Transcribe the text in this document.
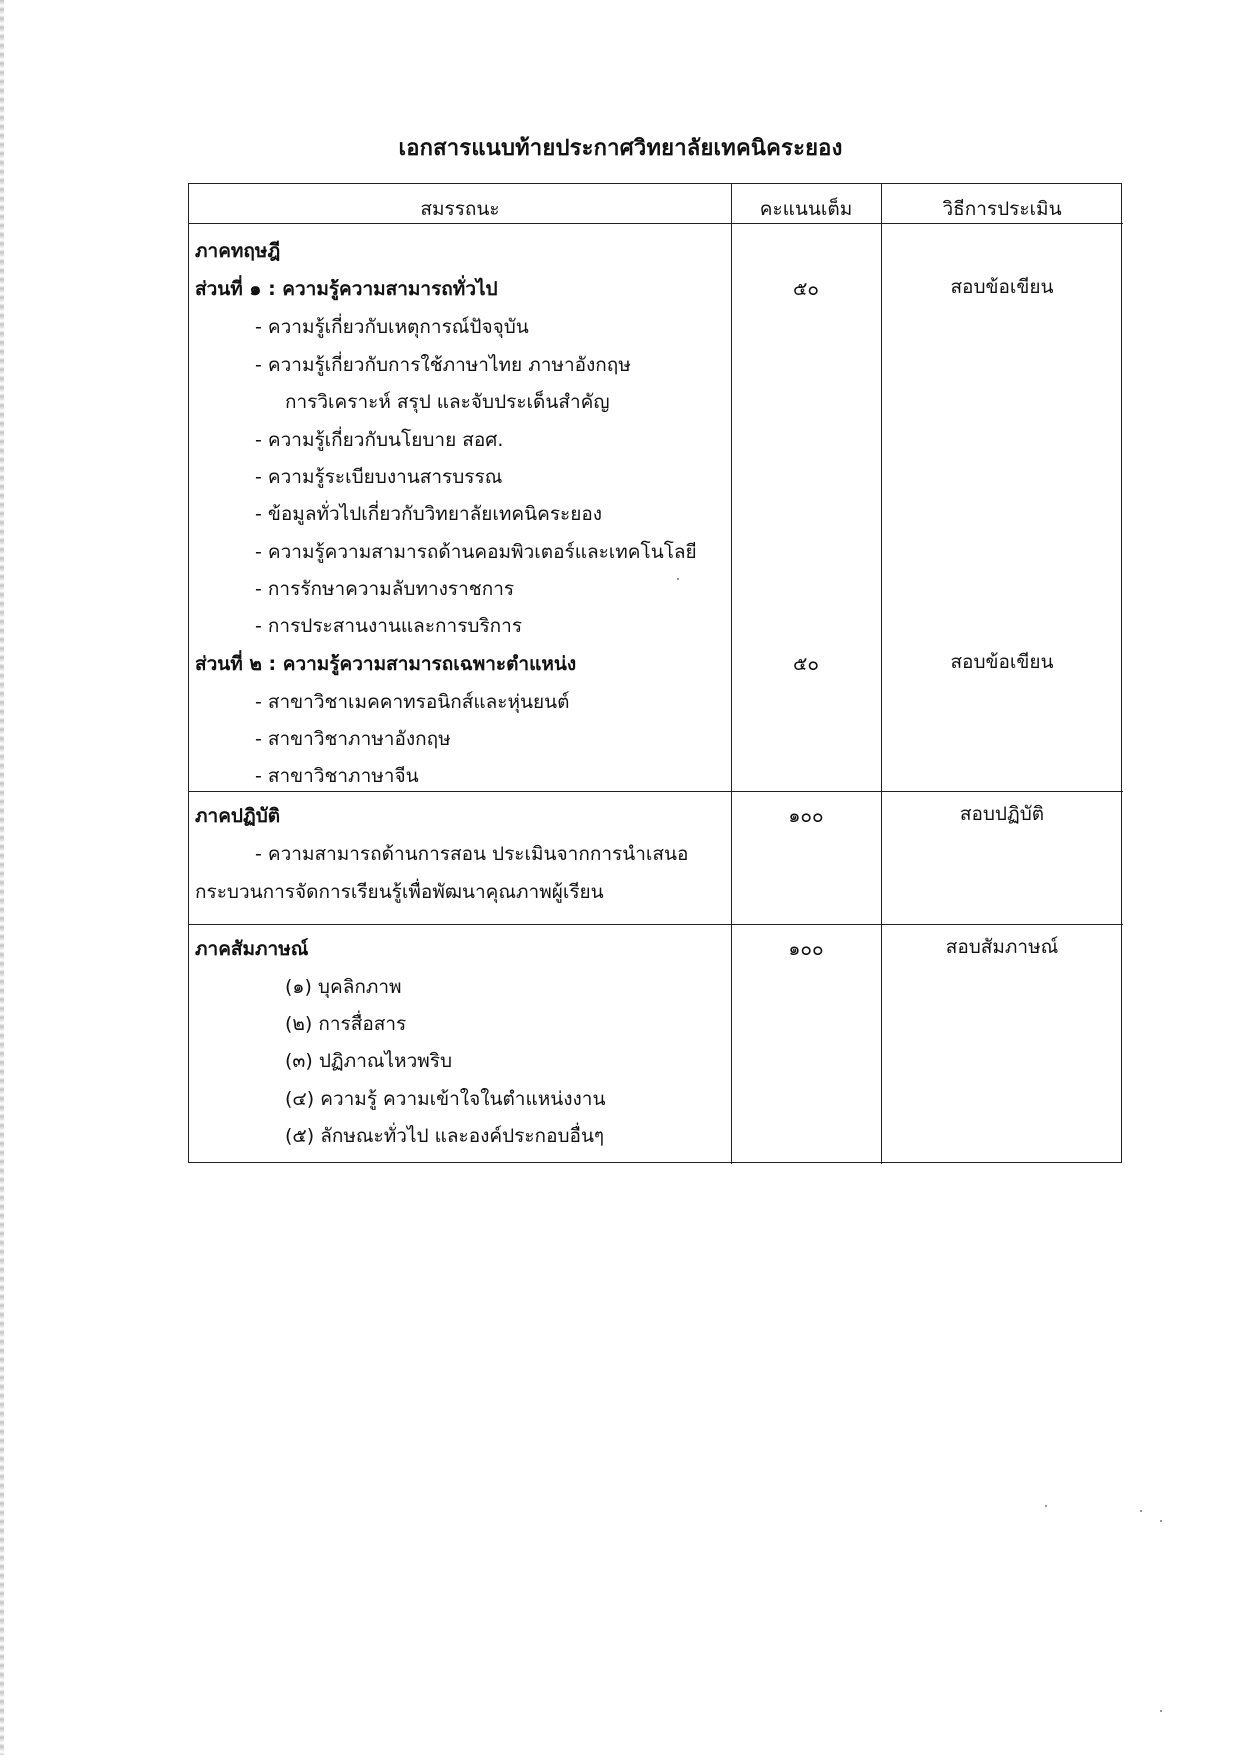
เอกสารแนบท้ายประกาศวิทยาลัยเทคนิคระยอง
สมรรถนะ	คะแนนเต็ม	วิธีการประเมิน
ภาคทฤษฎี
ส่วนที่ ๑ : ความรู้ความสามารถทั่วไป	๕๐	สอบข้อเขียน
- ความรู้เกี่ยวกับเหตุการณ์ปัจจุบัน
- ความรู้เกี่ยวกับการใช้ภาษาไทย ภาษาอังกฤษ
การวิเคราะห์ สรุป และจับประเด็นสำคัญ
- ความรู้เกี่ยวกับนโยบาย สอศ.
- ความรู้ระเบียบงานสารบรรณ
- ข้อมูลทั่วไปเกี่ยวกับวิทยาลัยเทคนิคระยอง
- ความรู้ความสามารถด้านคอมพิวเตอร์และเทคโนโลยี
- การรักษาความลับทางราชการ
- การประสานงานและการบริการ
ส่วนที่ ๒ : ความรู้ความสามารถเฉพาะตำแหน่ง	๕๐	สอบข้อเขียน
- สาขาวิชาเมคคาทรอนิกส์และหุ่นยนต์
- สาขาวิชาภาษาอังกฤษ
- สาขาวิชาภาษาจีน
ภาคปฏิบัติ	๑๐๐	สอบปฏิบัติ
- ความสามารถด้านการสอน ประเมินจากการนำเสนอ
กระบวนการจัดการเรียนรู้เพื่อพัฒนาคุณภาพผู้เรียน
ภาคสัมภาษณ์	๑๐๐	สอบสัมภาษณ์
(๑) บุคลิกภาพ
(๒) การสื่อสาร
(๓) ปฏิภาณไหวพริบ
(๔) ความรู้ ความเข้าใจในตำแหน่งงาน
(๕) ลักษณะทั่วไป และองค์ประกอบอื่นๆ
